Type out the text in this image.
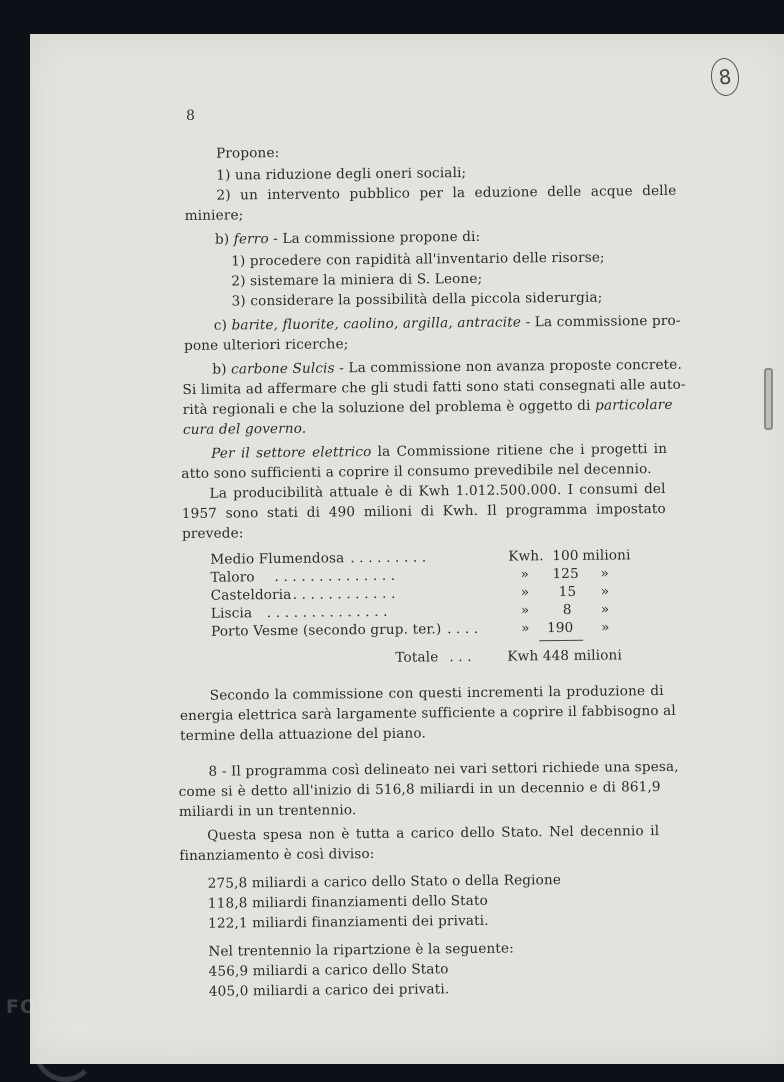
8
8
Propone:
1) una riduzione degli oneri sociali;
2) un intervento pubblico per la eduzione delle acque delle
miniere;
b) ferro - La commissione propone di:
1) procedere con rapidità all'inventario delle risorse;
2) sistemare la miniera di S. Leone;
3) considerare la possibilità della piccola siderurgia;
c) barite, fluorite, caolino, argilla, antracite - La commissione pro-
pone ulteriori ricerche;
b) carbone Sulcis - La commissione non avanza proposte concrete.
Si limita ad affermare che gli studi fatti sono stati consegnati alle auto-
rità regionali e che la soluzione del problema è oggetto di particolare
cura del governo.
Per il settore elettrico la Commissione ritiene che i progetti in
atto sono sufficienti a coprire il consumo prevedibile nel decennio.
La producibilità attuale è di Kwh 1.012.500.000. I consumi del
1957 sono stati di 490 milioni di Kwh. Il programma impostato
prevede:
Medio Flumendosa . . . . . . . . .	Kwh. 100 milioni
Taloro . . . . . . . . . . . . . .	» 125 »
Casteldoria . . . . . . . . . . . .	» 15 »
Liscia . . . . . . . . . . . . . .	» 8 »
Porto Vesme (secondo grup. ter.) . . . .	» 190 »
Totale . . .	Kwh 448 milioni
Secondo la commissione con questi incrementi la produzione di
energia elettrica sarà largamente sufficiente a coprire il fabbisogno al
termine della attuazione del piano.
8 - Il programma così delineato nei vari settori richiede una spesa,
come si è detto all'inizio di 516,8 miliardi in un decennio e di 861,9
miliardi in un trentennio.
Questa spesa non è tutta a carico dello Stato. Nel decennio il
finanziamento è così diviso:
275,8 miliardi a carico dello Stato o della Regione
118,8 miliardi finanziamenti dello Stato
122,1 miliardi finanziamenti dei privati.
Nel trentennio la ripartzione è la seguente:
456,9 miliardi a carico dello Stato
405,0 miliardi a carico dei privati.
FONDAZIONE
RAMSCI
onlus
